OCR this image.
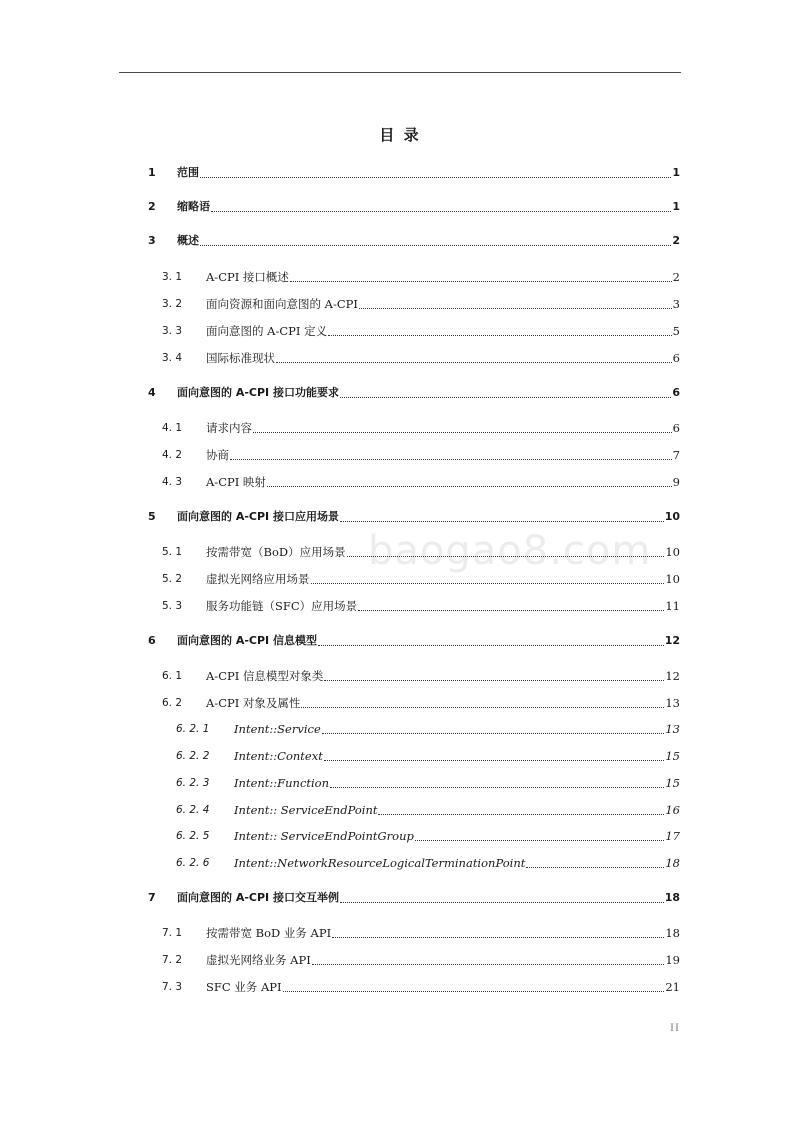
baogao8.com
目 录
1 范围	1
2 缩略语	1
3 概述	2
3. 1 A-CPI 接口概述	2
3. 2 面向资源和面向意图的 A-CPI	3
3. 3 面向意图的 A-CPI 定义	5
3. 4 国际标准现状	6
4 面向意图的 A-CPI 接口功能要求	6
4. 1 请求内容	6
4. 2 协商	7
4. 3 A-CPI 映射	9
5 面向意图的 A-CPI 接口应用场景	10
5. 1 按需带宽（BoD）应用场景	10
5. 2 虚拟光网络应用场景	10
5. 3 服务功能链（SFC）应用场景	11
6 面向意图的 A-CPI 信息模型	12
6. 1 A-CPI 信息模型对象类	12
6. 2 A-CPI 对象及属性	13
6. 2. 1 Intent::Service	13
6. 2. 2 Intent::Context	15
6. 2. 3 Intent::Function	15
6. 2. 4 Intent:: ServiceEndPoint	16
6. 2. 5 Intent:: ServiceEndPointGroup	17
6. 2. 6 Intent::NetworkResourceLogicalTerminationPoint	18
7 面向意图的 A-CPI 接口交互举例	18
7. 1 按需带宽 BoD 业务 API	18
7. 2 虚拟光网络业务 API	19
7. 3 SFC 业务 API	21
II
